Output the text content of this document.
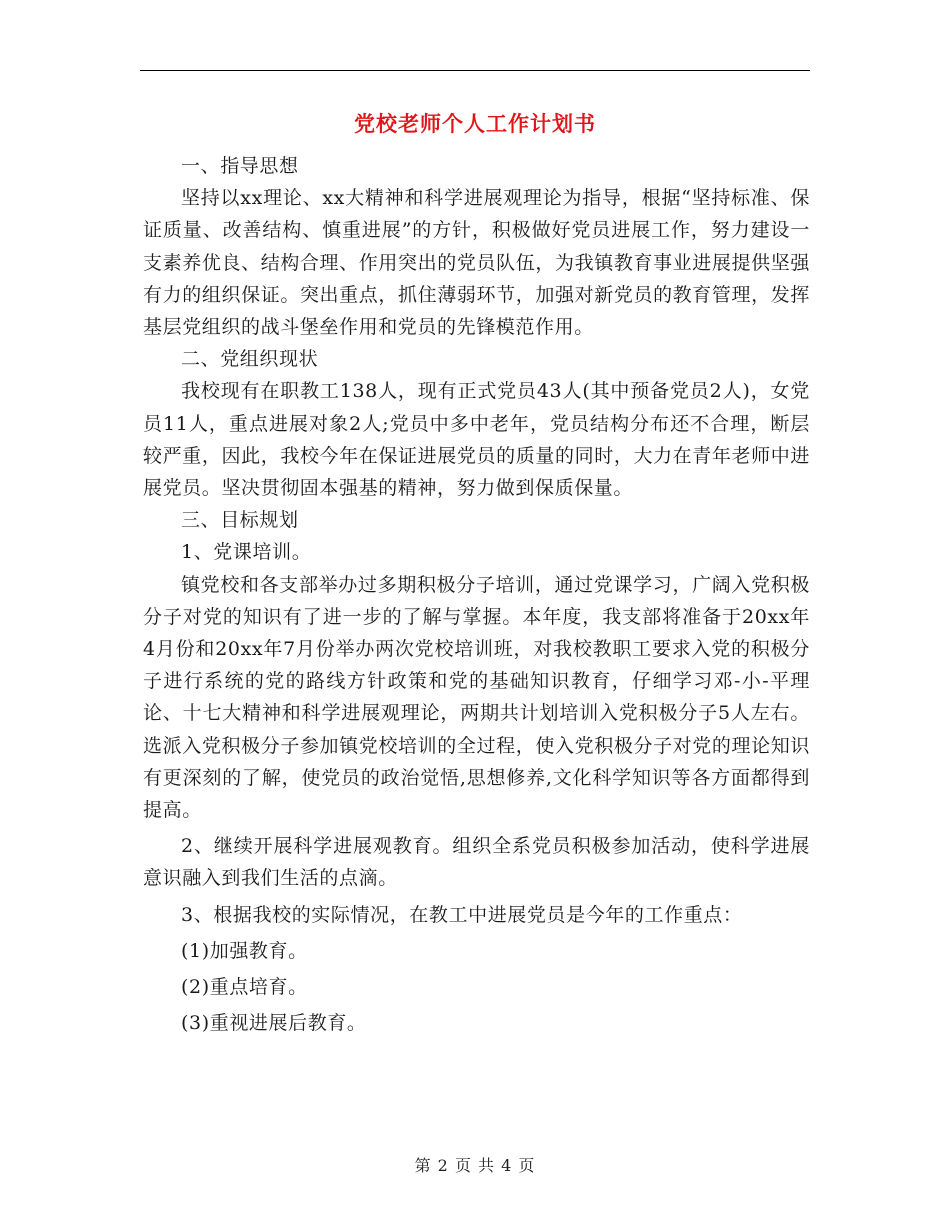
党校老师个人工作计划书

一、指导思想

坚持以xx理论、xx大精神和科学进展观理论为指导，根据“坚持标准、保证质量、改善结构、慎重进展”的方针，积极做好党员进展工作，努力建设一支素养优良、结构合理、作用突出的党员队伍，为我镇教育事业进展提供坚强有力的组织保证。突出重点，抓住薄弱环节，加强对新党员的教育管理，发挥基层党组织的战斗堡垒作用和党员的先锋模范作用。

二、党组织现状

我校现有在职教工138人，现有正式党员43人(其中预备党员2人)，女党员11人，重点进展对象2人;党员中多中老年，党员结构分布还不合理，断层较严重，因此，我校今年在保证进展党员的质量的同时，大力在青年老师中进展党员。坚决贯彻固本强基的精神，努力做到保质保量。

三、目标规划

1、党课培训。

镇党校和各支部举办过多期积极分子培训，通过党课学习，广阔入党积极分子对党的知识有了进一步的了解与掌握。本年度，我支部将准备于20xx年4月份和20xx年7月份举办两次党校培训班，对我校教职工要求入党的积极分子进行系统的党的路线方针政策和党的基础知识教育，仔细学习邓-小-平理论、十七大精神和科学进展观理论，两期共计划培训入党积极分子5人左右。选派入党积极分子参加镇党校培训的全过程，使入党积极分子对党的理论知识有更深刻的了解，使党员的政治觉悟,思想修养,文化科学知识等各方面都得到提高。

2、继续开展科学进展观教育。组织全系党员积极参加活动，使科学进展意识融入到我们生活的点滴。

3、根据我校的实际情况，在教工中进展党员是今年的工作重点：

(1)加强教育。

(2)重点培育。

(3)重视进展后教育。

第 2 页 共 4 页
